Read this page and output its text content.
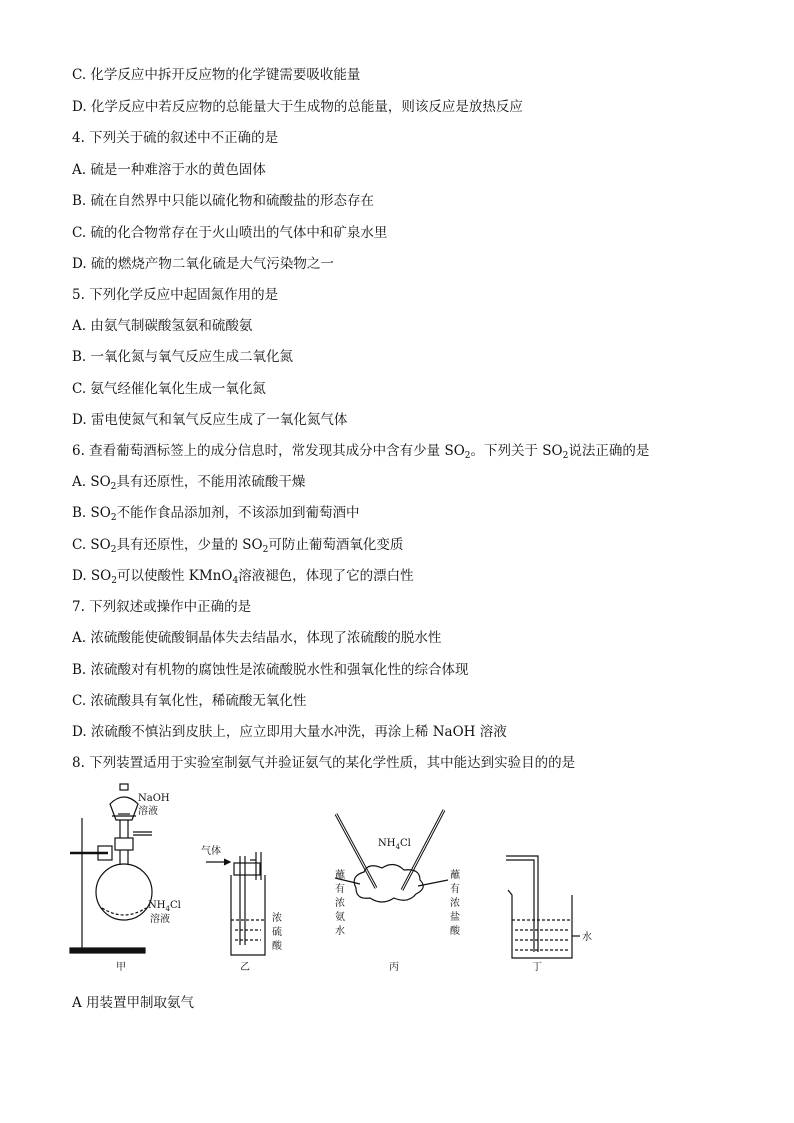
C. 化学反应中拆开反应物的化学键需要吸收能量
D. 化学反应中若反应物的总能量大于生成物的总能量，则该反应是放热反应
4. 下列关于硫的叙述中不正确的是
A. 硫是一种难溶于水的黄色固体
B. 硫在自然界中只能以硫化物和硫酸盐的形态存在
C. 硫的化合物常存在于火山喷出的气体中和矿泉水里
D. 硫的燃烧产物二氧化硫是大气污染物之一
5. 下列化学反应中起固氮作用的是
A. 由氨气制碳酸氢氨和硫酸氨
B. 一氧化氮与氧气反应生成二氧化氮
C. 氨气经催化氧化生成一氧化氮
D. 雷电使氮气和氧气反应生成了一氧化氮气体
6. 查看葡萄酒标签上的成分信息时，常发现其成分中含有少量 $SO_2$。下列关于 $SO_2$说法正确的是
A. $SO_2$具有还原性，不能用浓硫酸干燥
B. $SO_2$不能作食品添加剂，不该添加到葡萄酒中
C. $SO_2$具有还原性，少量的 $SO_2$可防止葡萄酒氧化变质
D. $SO_2$可以使酸性 KMnO$_4$溶液褪色，体现了它的漂白性
7. 下列叙述或操作中正确的是
A. 浓硫酸能使硫酸铜晶体失去结晶水，体现了浓硫酸的脱水性
B. 浓硫酸对有机物的腐蚀性是浓硫酸脱水性和强氧化性的综合体现
C. 浓硫酸具有氧化性，稀硫酸无氧化性
D. 浓硫酸不慎沾到皮肤上，应立即用大量水冲洗，再涂上稀 NaOH 溶液
8. 下列装置适用于实验室制氨气并验证氨气的某化学性质，其中能达到实验目的的是
NaOH
溶液
$NH_4Cl$
溶液
甲
气体
浓
硫
酸
乙
$NH_4Cl$
蘸
有
浓
氨
水
蘸
有
浓
盐
酸
丙
水
丁
A 用装置甲制取氨气
